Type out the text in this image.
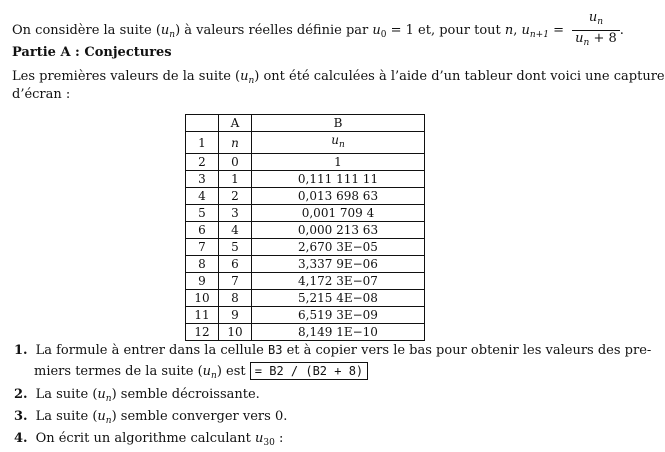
On considère la suite $(u_n)$ à valeurs réelles définie par $u_0 = 1$ et, pour tout n, $u_{n+1} = \frac{u_n}{u_n + 8}$ .
Partie A : Conjectures
Les premières valeurs de la suite $(u_n)$ ont été calculées à l’aide d’un tableur dont voici une capture
d’écran :
	A	B
1	n	$u_n$
2	0	1
3	1	0,111 111 11
4	2	0,013 698 63
5	3	0,001 709 4
6	4	0,000 213 63
7	5	2,670 3E−05
8	6	3,337 9E−06
9	7	4,172 3E−07
10	8	5,215 4E−08
11	9	6,519 3E−09
12	10	8,149 1E−10
1. La formule à entrer dans la cellule B3 et à copier vers le bas pour obtenir les valeurs des pre-
miers termes de la suite $(u_n)$ est = B2 / (B2 + 8)
2. La suite $(u_n)$ semble décroissante.
3. La suite $(u_n)$ semble converger vers 0.
4. On écrit un algorithme calculant $u_{30}$ :
